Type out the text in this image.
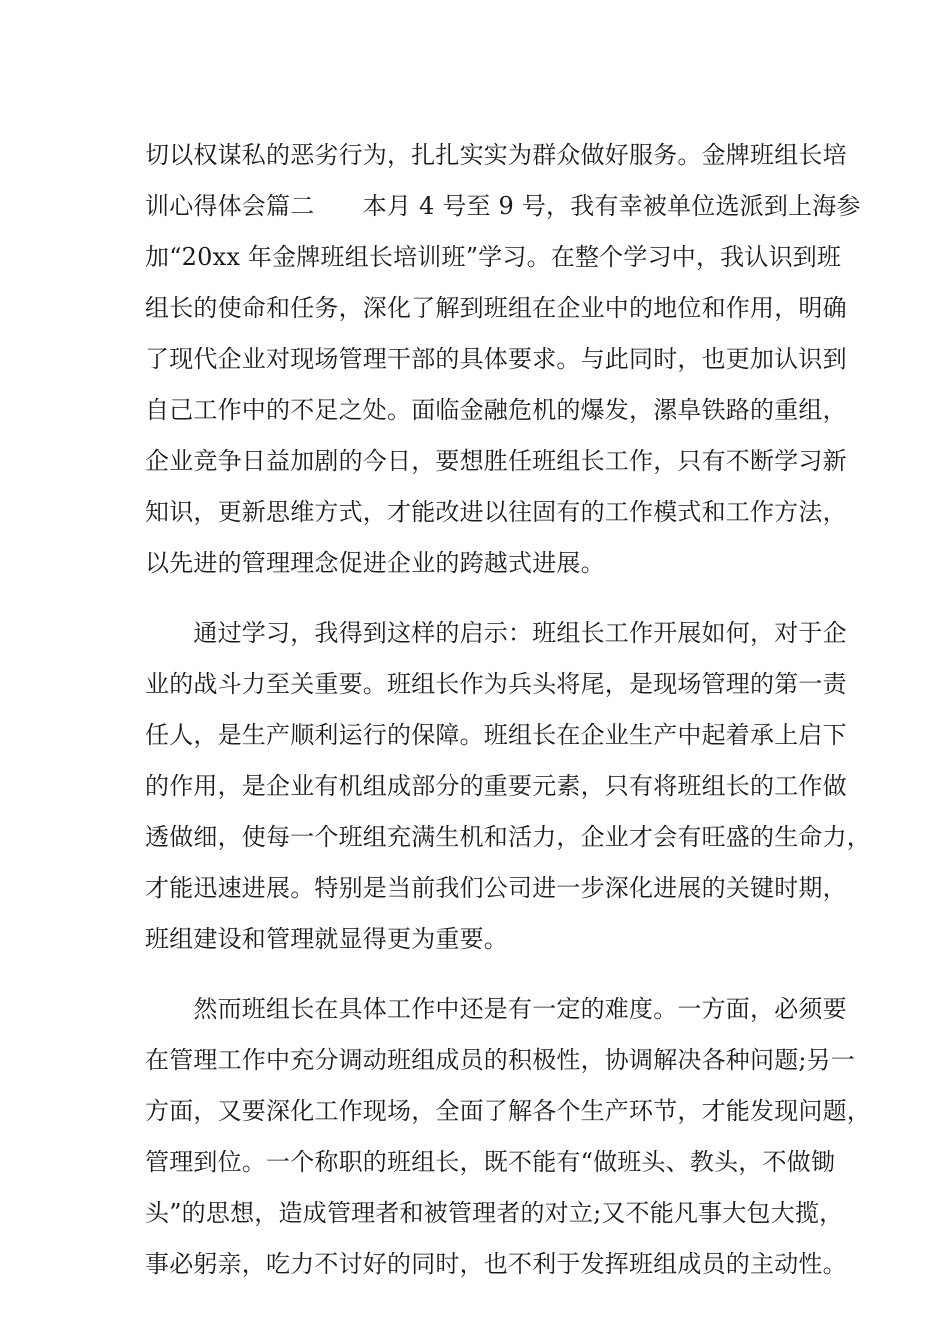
切以权谋私的恶劣行为，扎扎实实为群众做好服务。金牌班组长培
训心得体会篇二　　本月 4 号至 9 号，我有幸被单位选派到上海参
加“20xx 年金牌班组长培训班”学习。在整个学习中，我认识到班
组长的使命和任务，深化了解到班组在企业中的地位和作用，明确
了现代企业对现场管理干部的具体要求。与此同时，也更加认识到
自己工作中的不足之处。面临金融危机的爆发，漯阜铁路的重组，
企业竞争日益加剧的今日，要想胜任班组长工作，只有不断学习新
知识，更新思维方式，才能改进以往固有的工作模式和工作方法，
以先进的管理理念促进企业的跨越式进展。
　　通过学习，我得到这样的启示：班组长工作开展如何，对于企
业的战斗力至关重要。班组长作为兵头将尾，是现场管理的第一责
任人，是生产顺利运行的保障。班组长在企业生产中起着承上启下
的作用，是企业有机组成部分的重要元素，只有将班组长的工作做
透做细，使每一个班组充满生机和活力，企业才会有旺盛的生命力，
才能迅速进展。特别是当前我们公司进一步深化进展的关键时期，
班组建设和管理就显得更为重要。
　　然而班组长在具体工作中还是有一定的难度。一方面，必须要
在管理工作中充分调动班组成员的积极性，协调解决各种问题;另一
方面，又要深化工作现场，全面了解各个生产环节，才能发现问题，
管理到位。一个称职的班组长，既不能有“做班头、教头，不做锄
头”的思想，造成管理者和被管理者的对立;又不能凡事大包大揽，
事必躬亲，吃力不讨好的同时，也不利于发挥班组成员的主动性。
